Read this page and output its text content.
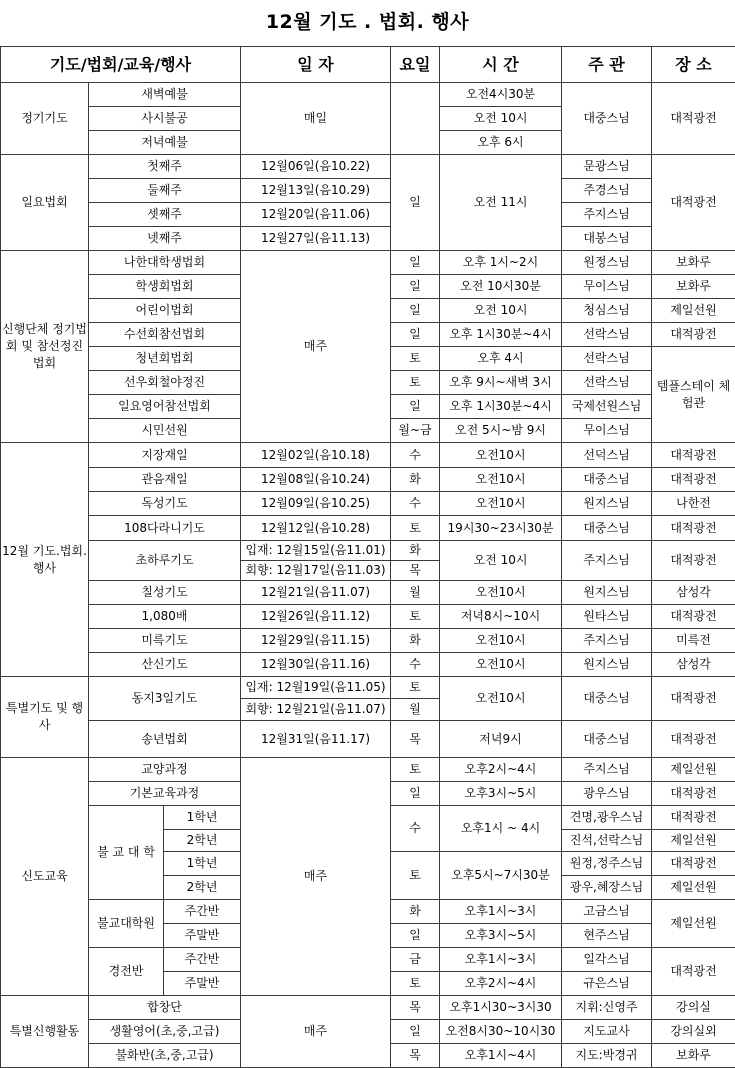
12월 기도 . 법회. 행사
기도/법회/교육/행사			일 자	요일	시 간	주 관	장 소
정기기도	새벽예불		매일		오전4시30분	대중스님	대적광전
	사시불공				오전 10시		
	저녁예불				오후 6시		
일요법회	첫째주		12월06일(음10.22)	일	오전 11시	문광스님	대적광전
	둘째주		12월13일(음10.29)			주경스님	
	셋째주		12월20일(음11.06)			주지스님	
	넷째주		12월27일(음11.13)			대봉스님	
신행단체 정기법회 및 참선정진 법회	나한대학생법회		매주	일	오후 1시~2시	원정스님	보화루
	학생회법회			일	오전 10시30분	무이스님	보화루
	어린이법회			일	오전 10시	청심스님	제일선원
	수선회참선법회			일	오후 1시30분~4시	선락스님	대적광전
	청년회법회			토	오후 4시	선락스님	템플스테이 체험관
	선우회철야정진			토	오후 9시~새벽 3시	선락스님	
	일요영어참선법회			일	오후 1시30분~4시	국제선원스님	
	시민선원			월~금	오전 5시~밤 9시	무이스님	
12월 기도.법회. 행사	지장재일		12월02일(음10.18)	수	오전10시	선덕스님	대적광전
	관음재일		12월08일(음10.24)	화	오전10시	대중스님	대적광전
	독성기도		12월09일(음10.25)	수	오전10시	원지스님	나한전
	108다라니기도		12월12일(음10.28)	토	19시30~23시30분	대중스님	대적광전
	초하루기도		입재: 12월15일(음11.01)	화	오전 10시	주지스님	대적광전
			회향: 12월17일(음11.03)	목			
	칠성기도		12월21일(음11.07)	월	오전10시	원지스님	삼성각
	1,080배		12월26일(음11.12)	토	저녁8시~10시	원타스님	대적광전
	미륵기도		12월29일(음11.15)	화	오전10시	주지스님	미륵전
	산신기도		12월30일(음11.16)	수	오전10시	원지스님	삼성각
특별기도 및 행사	동지3일기도		입재: 12월19일(음11.05)	토	오전10시	대중스님	대적광전
			회향: 12월21일(음11.07)	월			
	송년법회		12월31일(음11.17)	목	저녁9시	대중스님	대적광전
신도교육	교양과정		매주	토	오후2시~4시	주지스님	제일선원
	기본교육과정			일	오후3시~5시	광우스님	대적광전
	불 교 대 학	1학년		수	오후1시 ~ 4시	견명,광우스님	대적광전
		2학년				진석,선락스님	제일선원
		1학년		토	오후5시~7시30분	원정,정주스님	대적광전
		2학년				광우,혜장스님	제일선원
	불교대학원	주간반		화	오후1시~3시	고금스님	제일선원
		주말반		일	오후3시~5시	현주스님	
	경전반	주간반		금	오후1시~3시	일각스님	대적광전
		주말반		토	오후2시~4시	규은스님	
특별신행활동	합창단		매주	목	오후1시30~3시30	지휘:신영주	강의실
	생활영어(초,중,고급)			일	오전8시30~10시30	지도교사	강의실외
	불화반(초,중,고급)			목	오후1시~4시	지도:박경귀	보화루
